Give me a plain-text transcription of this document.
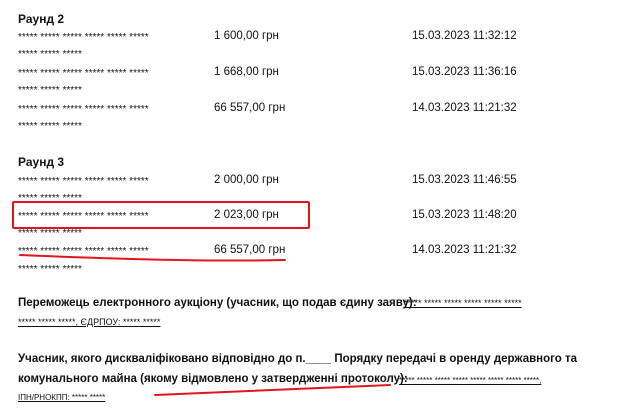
Раунд 2
***** ***** ***** ***** ***** *****	1 600,00 грн	15.03.2023 11:32:12
***** ***** *****
***** ***** ***** ***** ***** *****	1 668,00 грн	15.03.2023 11:36:16
***** ***** *****
***** ***** ***** ***** ***** *****	66 557,00 грн	14.03.2023 11:21:32
***** ***** *****
Раунд 3
***** ***** ***** ***** ***** *****	2 000,00 грн	15.03.2023 11:46:55
***** ***** *****
***** ***** ***** ***** ***** *****	2 023,00 грн	15.03.2023 11:48:20
***** ***** *****
***** ***** ***** ***** ***** *****	66 557,00 грн	14.03.2023 11:21:32
***** ***** *****
Переможець електронного аукціону (учасник, що подав єдину заяву):
***** ***** ***** ***** ***** *****
***** ***** *****, ЄДРПОУ: ***** *****
Учасник, якого дискваліфіковано відповідно до п.____ Порядку передачі в оренду державного та
комунального майна (якому відмовлено у затвердженні протоколу):
***** ***** ***** ***** ***** ***** ***** *****,
ІПН/РНОКПП: ***** *****
